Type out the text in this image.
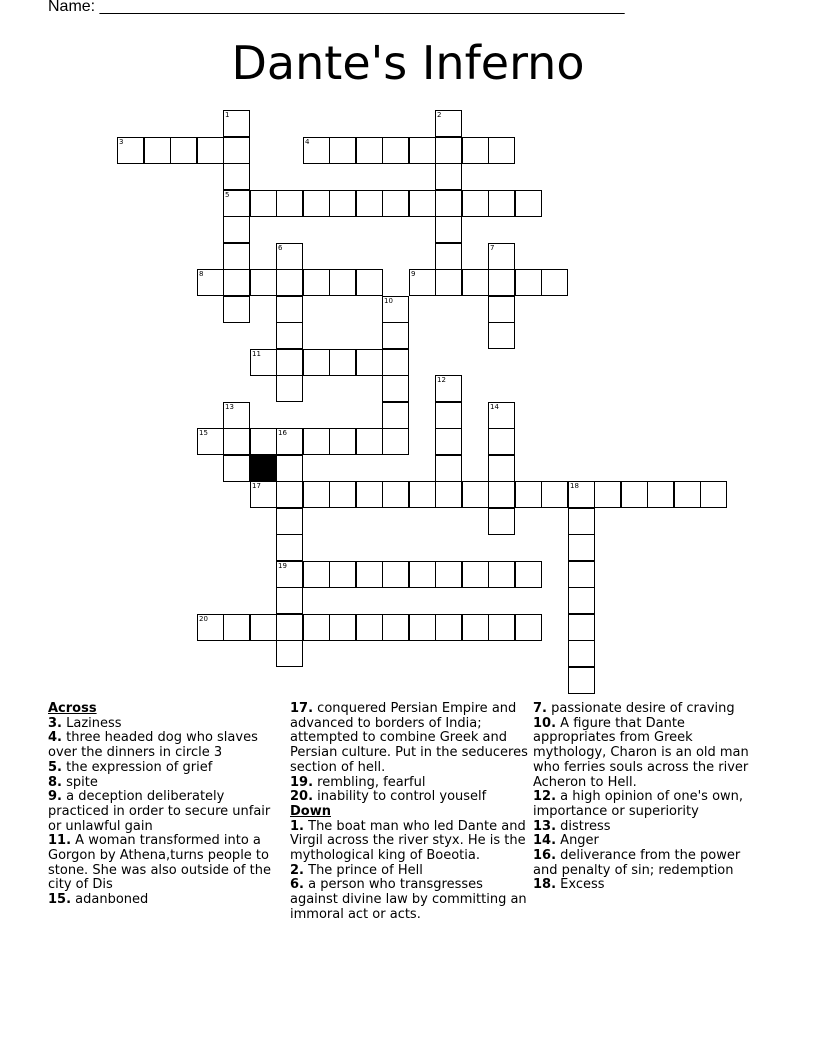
Name: ___________________________________________________________
Dante's Inferno
1	2
3	4
5
6	7
8	9
10
11
12
13	14
15	16
17	18
19
20
Across
3. Laziness
4. three headed dog who slaves over the dinners in circle 3
5. the expression of grief
8. spite
9. a deception deliberately practiced in order to secure unfair or unlawful gain
11. A woman transformed into a Gorgon by Athena,turns people to stone. She was also outside of the city of Dis
15. adanboned
17. conquered Persian Empire and advanced to borders of India; attempted to combine Greek and Persian culture. Put in the seduceres section of hell.
19. rembling, fearful
20. inability to control youself
Down
1. The boat man who led Dante and Virgil across the river styx. He is the mythological king of Boeotia.
2. The prince of Hell
6. a person who transgresses against divine law by committing an immoral act or acts.
7. passionate desire of craving
10. A figure that Dante appropriates from Greek mythology, Charon is an old man who ferries souls across the river Acheron to Hell.
12. a high opinion of one's own, importance or superiority
13. distress
14. Anger
16. deliverance from the power and penalty of sin; redemption
18. Excess
